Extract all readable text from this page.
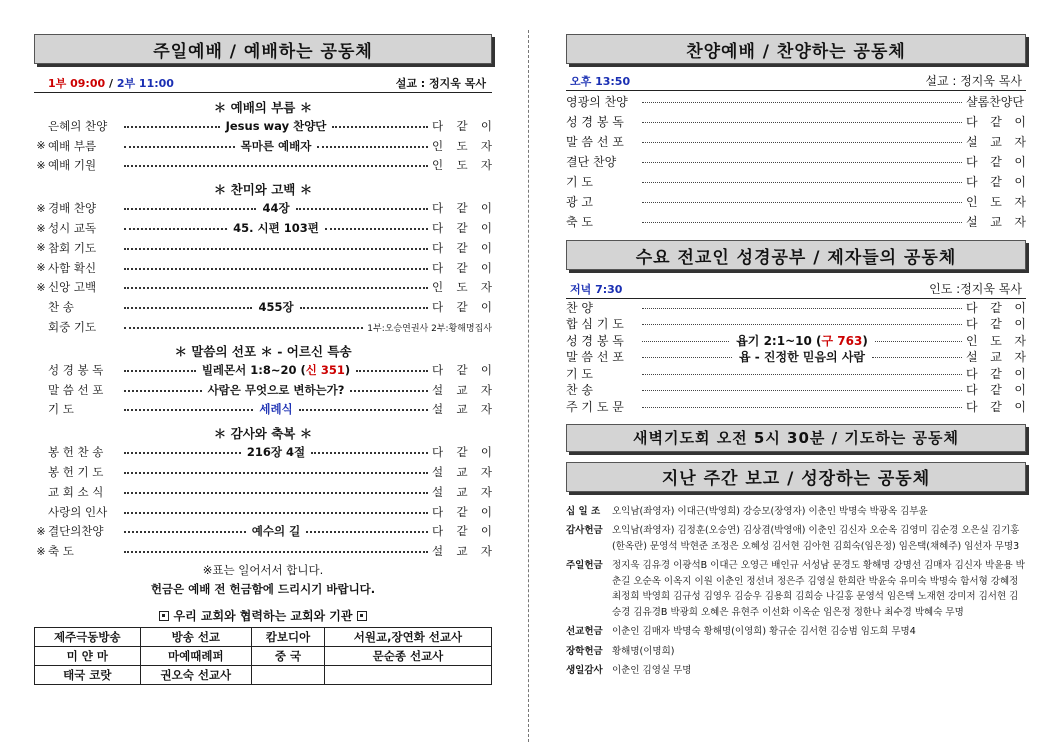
주일예배 / 예배하는 공동체
1부 09:00 / 2부 11:00	설교 : 정지욱 목사
＊ 예배의 부름 ＊
은혜의 찬양	Jesus way 찬양단	다 같 이
※ 예배 부름	목마른 예배자	인 도 자
※ 예배 기원	인 도 자
＊ 찬미와 고백 ＊
※ 경배 찬양	44장	다 같 이
※ 성시 교독	45. 시편 103편	다 같 이
※ 참회 기도	다 같 이
※ 사함 확신	다 같 이
※ 신앙 고백	인 도 자
찬 송	455장	다 같 이
회중 기도	1부:오승연권사 2부:황해명집사
＊ 말씀의 선포 ＊ - 어르신 특송
성 경 봉 독	빌레몬서 1:8~20 (신 351)	다 같 이
말 씀 선 포	사람은 무엇으로 변하는가?	설 교 자
기 도	세례식	설 교 자
＊ 감사와 축복 ＊
봉 헌 찬 송	216장 4절	다 같 이
봉 헌 기 도	설 교 자
교 회 소 식	설 교 자
사랑의 인사	다 같 이
※ 결단의찬양	예수의 길	다 같 이
※ 축 도	설 교 자
※표는 일어서서 합니다.
헌금은 예배 전 헌금함에 드리시기 바랍니다.
우리 교회와 협력하는 교회와 기관
제주극동방송	방송 선교	캄보디아	서원교,장연화 선교사
미 얀 마	마예때례퍼	중 국	문순종 선교사
태국 코랏	권오숙 선교사		
찬양예배 / 찬양하는 공동체
오후 13:50	설교 : 정지욱 목사
영광의 찬양	샬롬찬양단
성 경 봉 독	다 같 이
말 씀 선 포	설 교 자
결단 찬양	다 같 이
기 도	다 같 이
광 고	인 도 자
축 도	설 교 자
수요 전교인 성경공부 / 제자들의 공동체
저녁 7:30	인도 :정지욱 목사
찬 양	다 같 이
합 심 기 도	다 같 이
성 경 봉 독	욥기 2:1~10 (구 763)	인 도 자
말 씀 선 포	욥 - 진정한 믿음의 사람	설 교 자
기 도	다 같 이
찬 송	다 같 이
주 기 도 문	다 같 이
새벽기도회 오전 5시 30분 / 기도하는 공동체
지난 주간 보고 / 성장하는 공동체
십 일 조	오익남(좌영자) 이대근(박영희) 강승모(장영자) 이춘인 박명숙 박광옥 김부윤
감사헌금 오익남(좌영자) 김정훈(오승연) 김상겸(박영애) 이춘인 김신자 오순옥 김영미 김순경 오은실 김기홍(한옥란) 문영석 박현준 조정은 오혜성 김서현 김아현 김희숙(임은정) 임은택(채혜주) 임선자 무명3
주일헌금 정지욱 김유경 이광석B 이대근 오영근 배인규 서성남 문경도 황해명 강명선 김매자 김신자 박윤용 박춘길 오순옥 이옥지 이원 이춘인 정선녀 정은주 김영실 한희란 박윤숙 유미숙 박명숙 함서형 강혜정 최정희 박영희 김규성 김영우 김승우 김용희 김희승 나길홍 문영석 임은택 노재현 강미저 김서현 김승경 김유경B 박광희 오혜은 유현주 이선화 이옥순 임은정 정한나 최수경 박혜숙 무명
선교헌금 이춘인 김매자 박명숙 황해명(이영희) 황규순 김서현 김승범 임도희 무명4
장학헌금 황해명(이명희)
생일감사 이춘인 김영실 무명
